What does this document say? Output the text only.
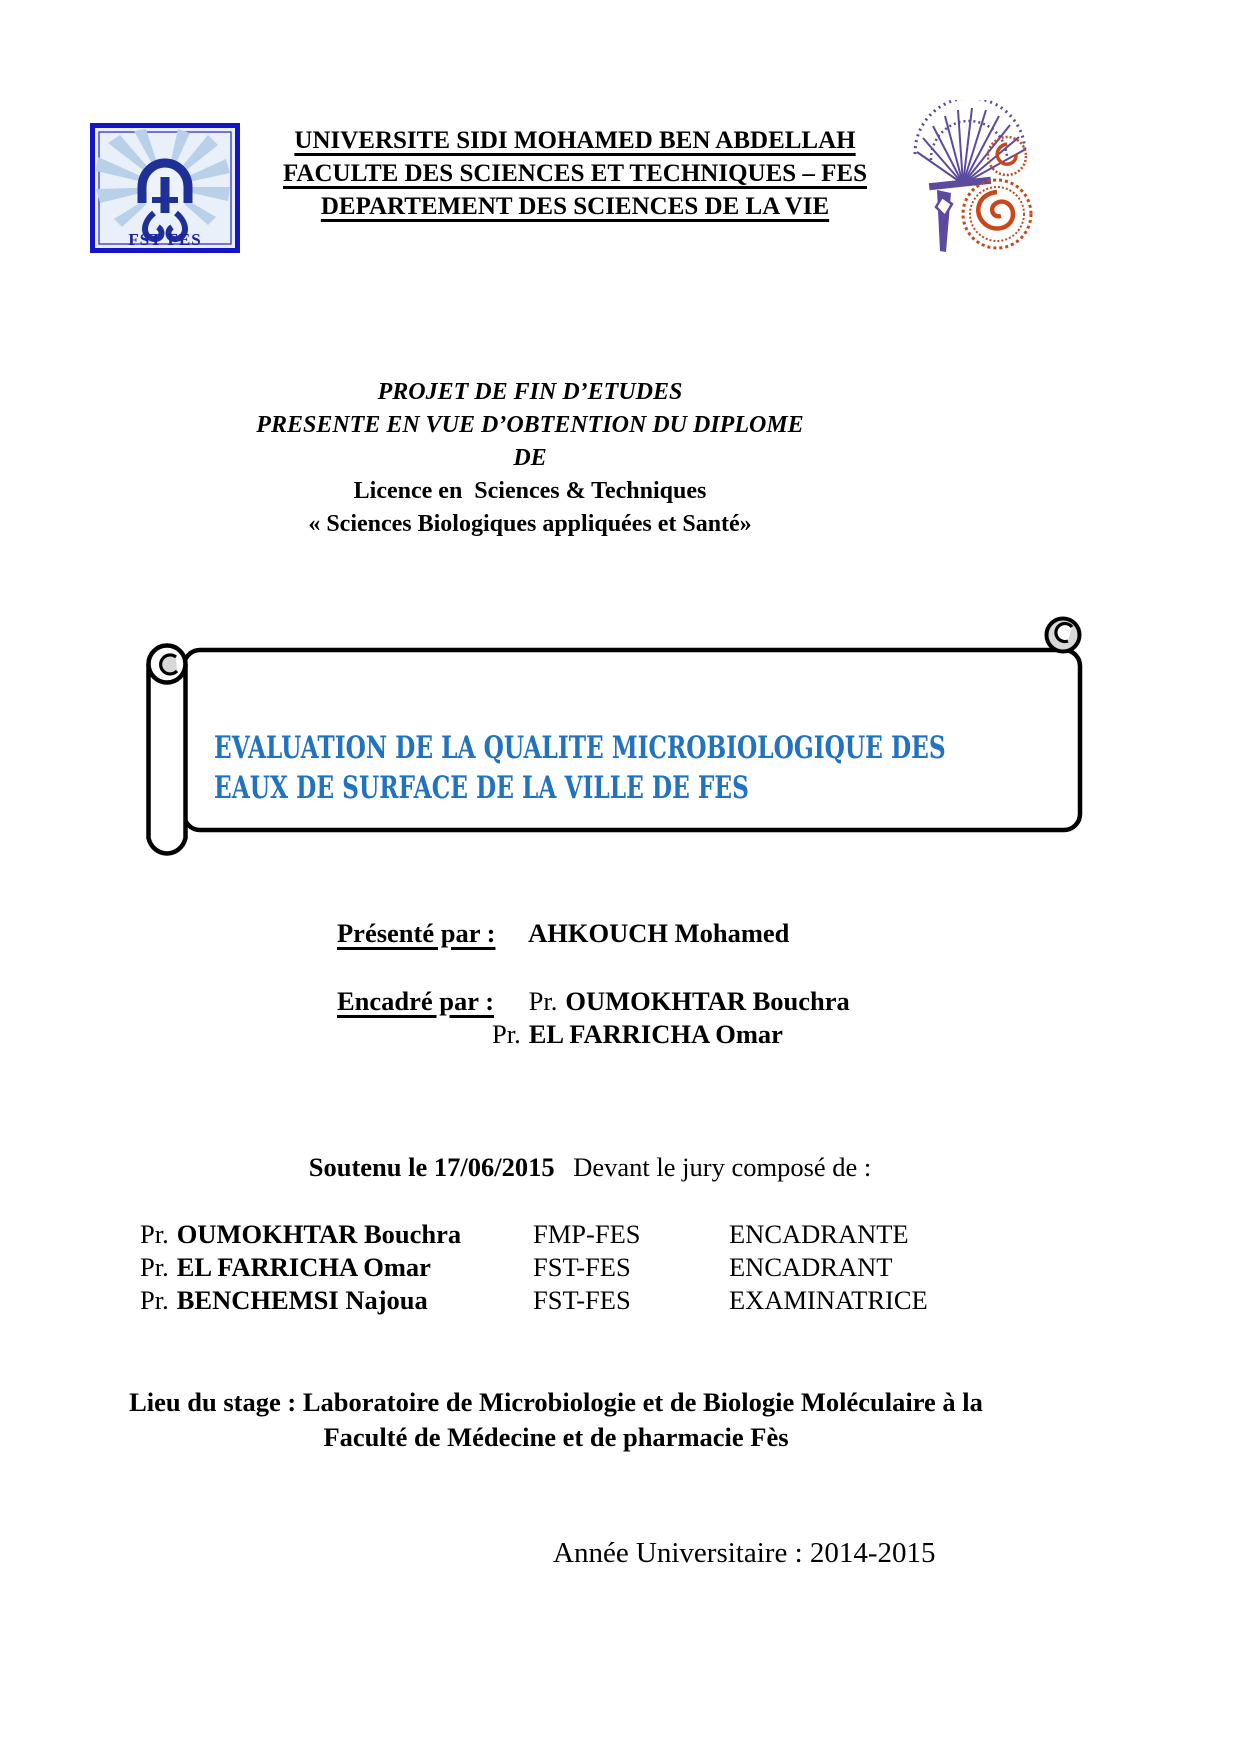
FST FES
UNIVERSITE SIDI MOHAMED BEN ABDELLAH
FACULTE DES SCIENCES ET TECHNIQUES – FES
DEPARTEMENT DES SCIENCES DE LA VIE
PROJET DE FIN D’ETUDES
PRESENTE EN VUE D’OBTENTION DU DIPLOME
DE
Licence en  Sciences & Techniques
« Sciences Biologiques appliquées et Santé»
EVALUATION DE LA QUALITE MICROBIOLOGIQUE DES
EAUX DE SURFACE DE LA VILLE DE FES
Présenté par : AHKOUCH Mohamed
Encadré par : Pr. OUMOKHTAR Bouchra
Pr. EL FARRICHA Omar
Soutenu le 17/06/2015 Devant le jury composé de :
Pr. OUMOKHTAR Bouchra	FMP-FES	ENCADRANTE
Pr. EL FARRICHA Omar	FST-FES	ENCADRANT
Pr. BENCHEMSI Najoua	FST-FES	EXAMINATRICE
Lieu du stage : Laboratoire de Microbiologie et de Biologie Moléculaire à la
Faculté de Médecine et de pharmacie Fès
Année Universitaire : 2014-2015
